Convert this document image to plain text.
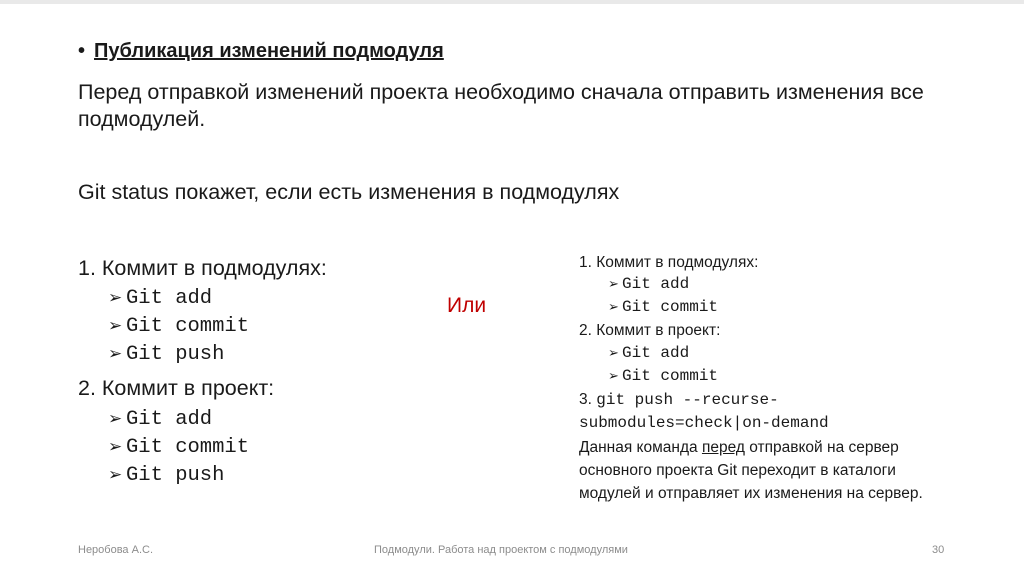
• Публикация изменений подмодуля
Перед отправкой изменений проекта необходимо сначала отправить изменения все подмодулей.
Git status покажет, если есть изменения в подмодулях
1. Коммит в подмодулях:
➢ Git add
➢ Git commit
➢ Git push
2. Коммит в проект:
➢ Git add
➢ Git commit
➢ Git push
Или
1. Коммит в подмодулях:
➢ Git add
➢ Git commit
2. Коммит в проект:
➢ Git add
➢ Git commit
3. git push --recurse-
submodules=check|on-demand
Данная команда перед отправкой на сервер
основного проекта Git переходит в каталоги
модулей и отправляет их изменения на сервер.
Неробова А.С.	Подмодули. Работа над проектом с подмодулями	30
